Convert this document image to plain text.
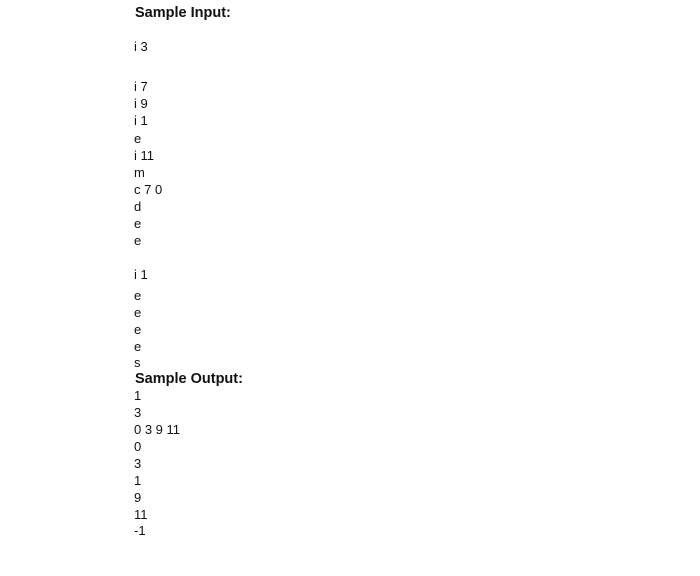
Sample Input:
i 3
i 7
i 9
i 1
e
i 11
m
c 7 0
d
e
e
i 1
e
e
e
e
s
Sample Output:
1
3
0 3 9 11
0
3
1
9
11
-1
